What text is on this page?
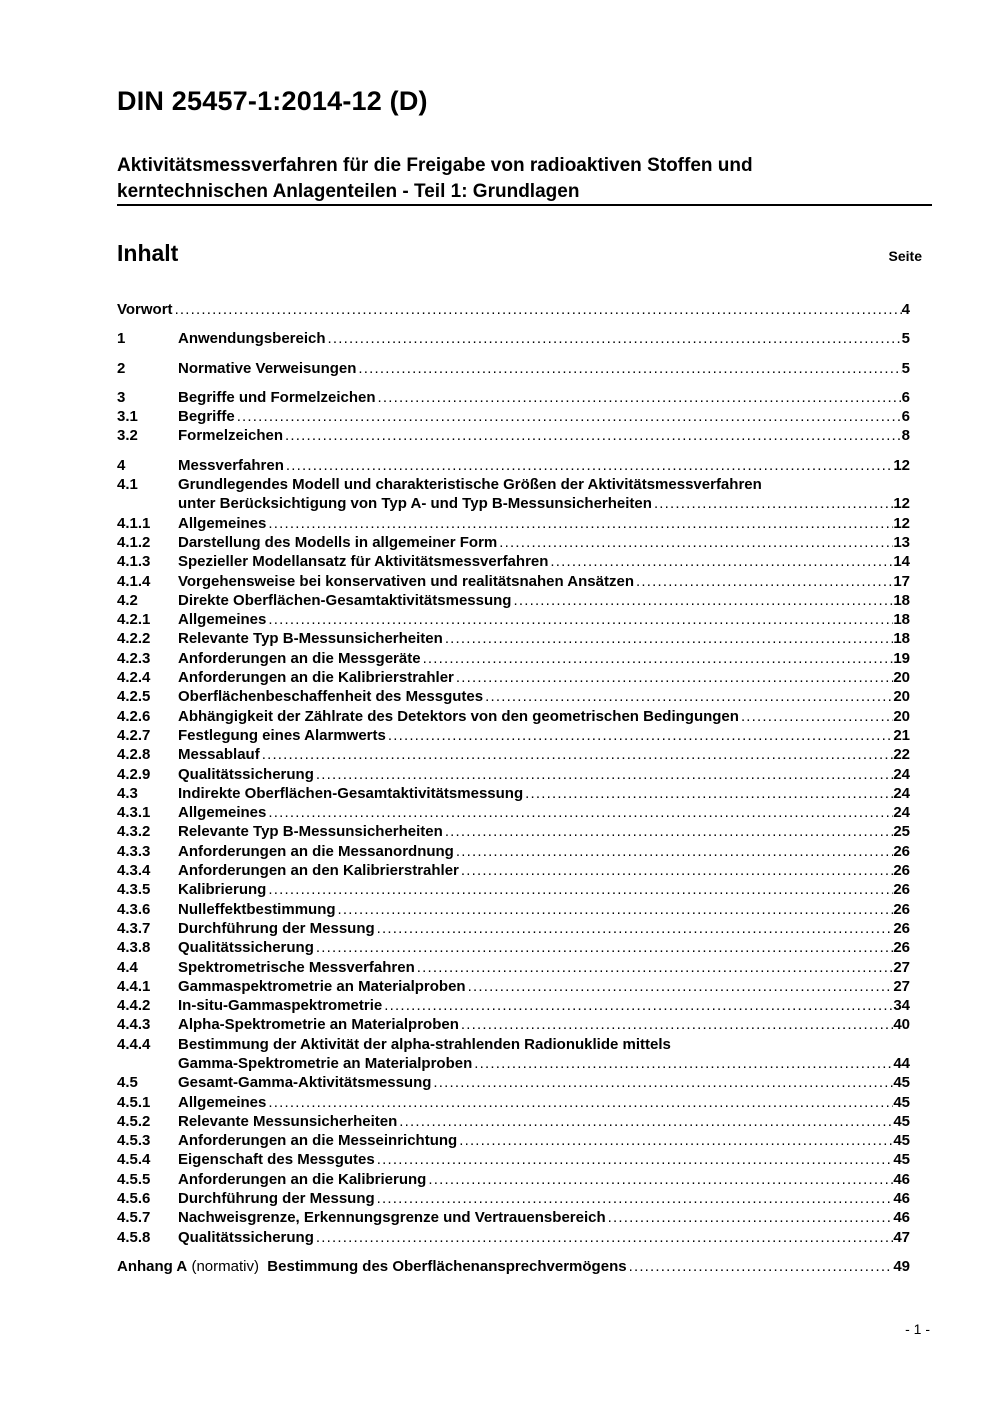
DIN 25457-1:2014-12 (D)
Aktivitätsmessverfahren für die Freigabe von radioaktiven Stoffen und
kerntechnischen Anlagenteilen - Teil 1: Grundlagen
Inhalt	Seite
Vorwort .....	4
1	Anwendungsbereich .....	5
2	Normative Verweisungen .....	5
3	Begriffe und Formelzeichen .....	6
3.1	Begriffe .....	6
3.2	Formelzeichen .....	8
4	Messverfahren .....	12
4.1	Grundlegendes Modell und charakteristische Größen der Aktivitätsmessverfahren
unter Berücksichtigung von Typ A- und Typ B-Messunsicherheiten .....	12
4.1.1	Allgemeines .....	12
4.1.2	Darstellung des Modells in allgemeiner Form .....	13
4.1.3	Spezieller Modellansatz für Aktivitätsmessverfahren .....	14
4.1.4	Vorgehensweise bei konservativen und realitätsnahen Ansätzen .....	17
4.2	Direkte Oberflächen-Gesamtaktivitätsmessung .....	18
4.2.1	Allgemeines .....	18
4.2.2	Relevante Typ B-Messunsicherheiten .....	18
4.2.3	Anforderungen an die Messgeräte .....	19
4.2.4	Anforderungen an die Kalibrierstrahler .....	20
4.2.5	Oberflächenbeschaffenheit des Messgutes .....	20
4.2.6	Abhängigkeit der Zählrate des Detektors von den geometrischen Bedingungen .....	20
4.2.7	Festlegung eines Alarmwerts .....	21
4.2.8	Messablauf .....	22
4.2.9	Qualitätssicherung .....	24
4.3	Indirekte Oberflächen-Gesamtaktivitätsmessung .....	24
4.3.1	Allgemeines .....	24
4.3.2	Relevante Typ B-Messunsicherheiten .....	25
4.3.3	Anforderungen an die Messanordnung .....	26
4.3.4	Anforderungen an den Kalibrierstrahler .....	26
4.3.5	Kalibrierung .....	26
4.3.6	Nulleffektbestimmung .....	26
4.3.7	Durchführung der Messung .....	26
4.3.8	Qualitätssicherung .....	26
4.4	Spektrometrische Messverfahren .....	27
4.4.1	Gammaspektrometrie an Materialproben .....	27
4.4.2	In-situ-Gammaspektrometrie .....	34
4.4.3	Alpha-Spektrometrie an Materialproben .....	40
4.4.4	Bestimmung der Aktivität der alpha-strahlenden Radionuklide mittels
Gamma-Spektrometrie an Materialproben .....	44
4.5	Gesamt-Gamma-Aktivitätsmessung .....	45
4.5.1	Allgemeines .....	45
4.5.2	Relevante Messunsicherheiten .....	45
4.5.3	Anforderungen an die Messeinrichtung .....	45
4.5.4	Eigenschaft des Messgutes .....	45
4.5.5	Anforderungen an die Kalibrierung .....	46
4.5.6	Durchführung der Messung .....	46
4.5.7	Nachweisgrenze, Erkennungsgrenze und Vertrauensbereich .....	46
4.5.8	Qualitätssicherung .....	47
Anhang A (normativ)  Bestimmung des Oberflächenansprechvermögens .....	49
- 1 -
